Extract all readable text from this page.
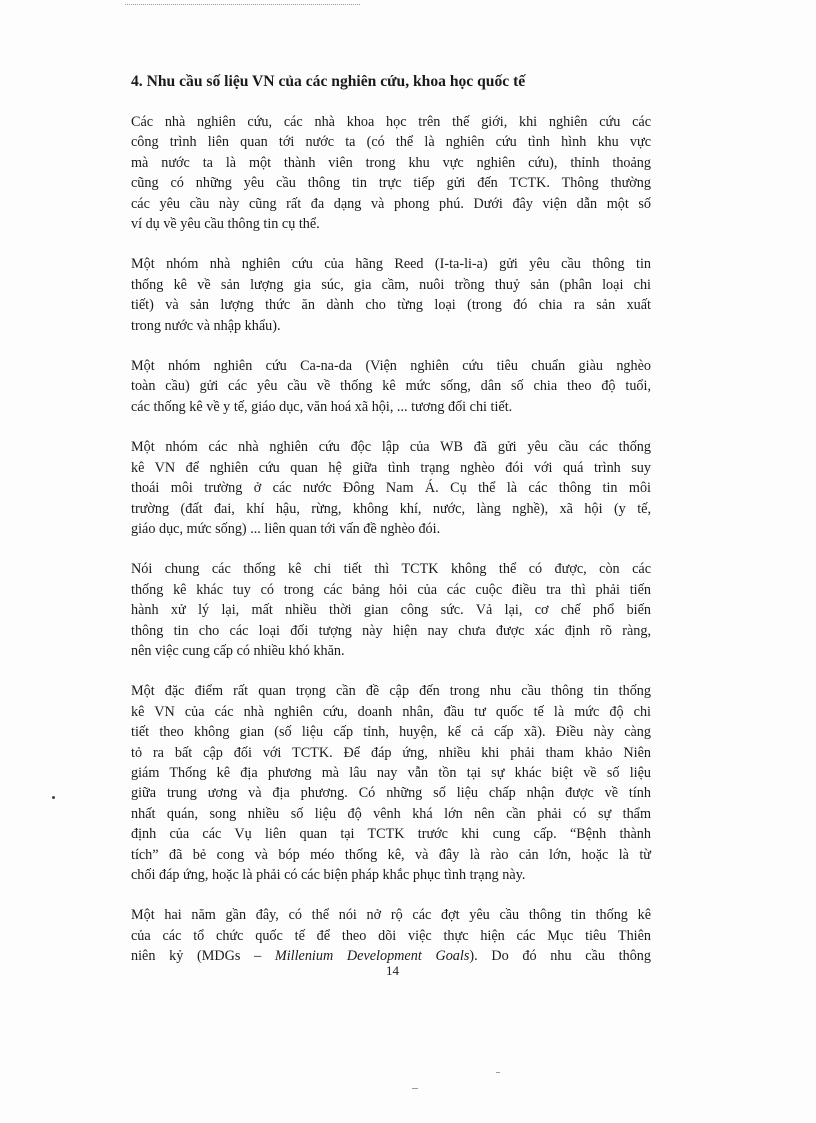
4. Nhu cầu số liệu VN của các nghiên cứu, khoa học quốc tế
Các nhà nghiên cứu, các nhà khoa học trên thế giới, khi nghiên cứu các
công trình liên quan tới nước ta (có thể là nghiên cứu tình hình khu vực
mà nước ta là một thành viên trong khu vực nghiên cứu), thỉnh thoảng
cũng có những yêu cầu thông tin trực tiếp gửi đến TCTK. Thông thường
các yêu cầu này cũng rất đa dạng và phong phú. Dưới đây viện dẫn một số
ví dụ về yêu cầu thông tin cụ thể.
Một nhóm nhà nghiên cứu của hãng Reed (I-ta-li-a) gửi yêu cầu thông tin
thống kê về sản lượng gia súc, gia cầm, nuôi trồng thuỷ sản (phân loại chi
tiết) và sản lượng thức ăn dành cho từng loại (trong đó chia ra sản xuất
trong nước và nhập khẩu).
Một nhóm nghiên cứu Ca-na-da (Viện nghiên cứu tiêu chuẩn giàu nghèo
toàn cầu) gửi các yêu cầu về thống kê mức sống, dân số chia theo độ tuổi,
các thống kê về y tế, giáo dục, văn hoá xã hội, ... tương đối chi tiết.
Một nhóm các nhà nghiên cứu độc lập của WB đã gửi yêu cầu các thống
kê VN để nghiên cứu quan hệ giữa tình trạng nghèo đói với quá trình suy
thoái môi trường ở các nước Đông Nam Á. Cụ thể là các thông tin môi
trường (đất đai, khí hậu, rừng, không khí, nước, làng nghề), xã hội (y tế,
giáo dục, mức sống) ... liên quan tới vấn đề nghèo đói.
Nói chung các thống kê chi tiết thì TCTK không thể có được, còn các
thống kê khác tuy có trong các bảng hỏi của các cuộc điều tra thì phải tiến
hành xử lý lại, mất nhiều thời gian công sức. Vả lại, cơ chế phổ biến
thông tin cho các loại đối tượng này hiện nay chưa được xác định rõ ràng,
nên việc cung cấp có nhiều khó khăn.
Một đặc điểm rất quan trọng cần đề cập đến trong nhu cầu thông tin thống
kê VN của các nhà nghiên cứu, doanh nhân, đầu tư quốc tế là mức độ chi
tiết theo không gian (số liệu cấp tỉnh, huyện, kể cả cấp xã). Điều này càng
tỏ ra bất cập đối với TCTK. Để đáp ứng, nhiều khi phải tham khảo Niên
giám Thống kê địa phương mà lâu nay vẫn tồn tại sự khác biệt về số liệu
giữa trung ương và địa phương. Có những số liệu chấp nhận được về tính
nhất quán, song nhiều số liệu độ vênh khá lớn nên cần phải có sự thẩm
định của các Vụ liên quan tại TCTK trước khi cung cấp. “Bệnh thành
tích” đã bẻ cong và bóp méo thống kê, và đây là rào cản lớn, hoặc là từ
chối đáp ứng, hoặc là phải có các biện pháp khắc phục tình trạng này.
Một hai năm gần đây, có thể nói nở rộ các đợt yêu cầu thông tin thống kê
của các tổ chức quốc tế để theo dõi việc thực hiện các Mục tiêu Thiên
niên kỷ (MDGs – Millenium Development Goals). Do đó nhu cầu thông
14
